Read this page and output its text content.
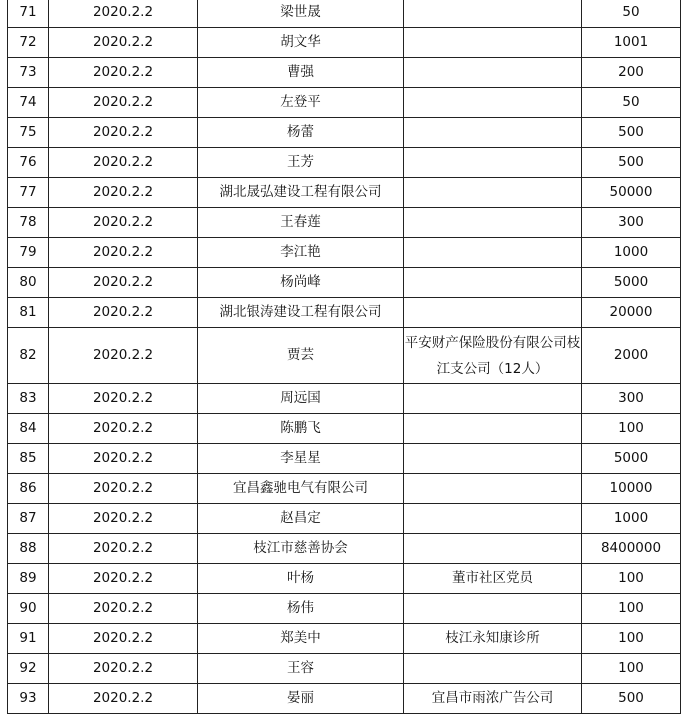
71	2020.2.2	梁世晟		50
72	2020.2.2	胡文华		1001
73	2020.2.2	曹强		200
74	2020.2.2	左登平		50
75	2020.2.2	杨蕾		500
76	2020.2.2	王芳		500
77	2020.2.2	湖北晟弘建设工程有限公司		50000
78	2020.2.2	王春莲		300
79	2020.2.2	李江艳		1000
80	2020.2.2	杨尚峰		5000
81	2020.2.2	湖北银涛建设工程有限公司		20000
82	2020.2.2	贾芸	平安财产保险股份有限公司枝江支公司（12人）	2000
83	2020.2.2	周远国		300
84	2020.2.2	陈鹏飞		100
85	2020.2.2	李星星		5000
86	2020.2.2	宜昌鑫驰电气有限公司		10000
87	2020.2.2	赵昌定		1000
88	2020.2.2	枝江市慈善协会		8400000
89	2020.2.2	叶杨	董市社区党员	100
90	2020.2.2	杨伟		100
91	2020.2.2	郑美中	枝江永知康诊所	100
92	2020.2.2	王容		100
93	2020.2.2	晏丽	宜昌市雨浓广告公司	500
